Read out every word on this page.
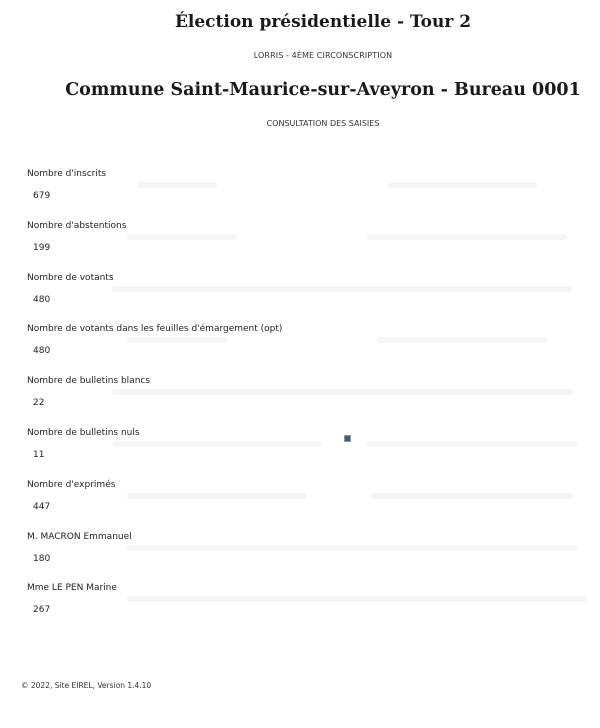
Élection présidentielle - Tour 2
LORRIS - 4ÈME CIRCONSCRIPTION
Commune Saint-Maurice-sur-Aveyron - Bureau 0001
CONSULTATION DES SAISIES
Nombre d'inscrits
679
Nombre d'abstentions
199
Nombre de votants
480
Nombre de votants dans les feuilles d'émargement (opt)
480
Nombre de bulletins blancs
22
Nombre de bulletins nuls
11
Nombre d'exprimés
447
M. MACRON Emmanuel
180
Mme LE PEN Marine
267
© 2022, Site EIREL, Version 1.4.10
